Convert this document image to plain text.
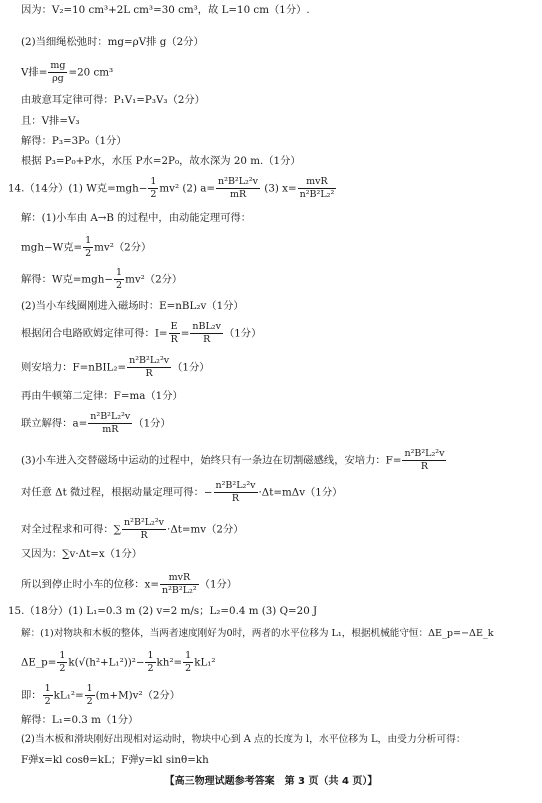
因为：V₂=10 cm³+2L cm³=30 cm³，故 L=10 cm（1分）.
(2)当细绳松弛时：mg=ρV排 g（2分）
V排= $\frac{mg}{\rho g} =20$ cm³
由玻意耳定律可得：P₁V₁=P₃V₃（2分）
且：V排=V₃
解得：P₃=3P₀（1分）
根据 P₃=P₀+P水，水压 P水=2P₀，故水深为 20 m.（1分）
14.（14分）(1) W克$=mgh- \frac{1}{2} mv^2$ (2) $a= \frac{\text{n²B²L₂²v}}{mR} (3)$ x=
mvR
n²B²L₂²
解：(1)小车由 A→B 的过程中，由动能定理可得：
mgh−W克= $\frac{1}{2} mv^2(2$分）
解得：W克$=mgh- \frac{1}{2} mv^2(2$分）
(2)当小车线圈刚进入磁场时：E=nBL₂v（1分）
根据闭合电路欧姆定律可得：$I= \frac{E}{R}$ =
nBL₂v
R	（1分）
则安培力：F=nBIL₂= $\frac{\text{n²B²L₂²v}}{R} (1$分）
再由牛顿第二定律：F=ma（1分）
联立解得：$a= \frac{\text{n²B²L₂²v}}{mR} (1$分）
(3)小车进入交替磁场中运动的过程中，始终只有一条边在切割磁感线，安培力：$F= \frac{\text{n²B²L₂²v}}{R}$
对任意 Δt 微过程，根据动量定理可得：− $\frac{\text{n²B²L₂²v}}{R} \cdot\Delta t=m\Delta v(1$分）
对全过程求和可得：∑ $\frac{\text{n²B²L₂²v}}{R} \cdot\Delta t=mv(2$分）
又因为：∑v·Δt=x（1分）
所以到停止时小车的位移：x=
mvR
n²B²L₂² （1分）
15.（18分）(1) L₁=0.3 m (2) v=2 m/s；L₂=0.4 m (3) Q=20 J
解：(1)对物块和木板的整体，当两者速度刚好为0时，两者的水平位移为 L₁，根据机械能守恒：ΔE_p=−ΔE_k
ΔE_p= $\frac{1}{2} k(√(h^2+L_1^2))^2- \frac{1}{2} kh^2= \frac{1}{2} kL_1^2$
即： $\frac{1}{2} kL_1^2= \frac{1}{2} (m+M)v^2(2$分）
解得：L₁=0.3 m（1分）
(2)当木板和滑块刚好出现相对运动时，物块中心到 A 点的长度为 l，水平位移为 L，由受力分析可得：
F弹x=kl cosθ=kL；F弹y=kl sinθ=kh
【高三物理试题参考答案　第 3 页（共 4 页）】
